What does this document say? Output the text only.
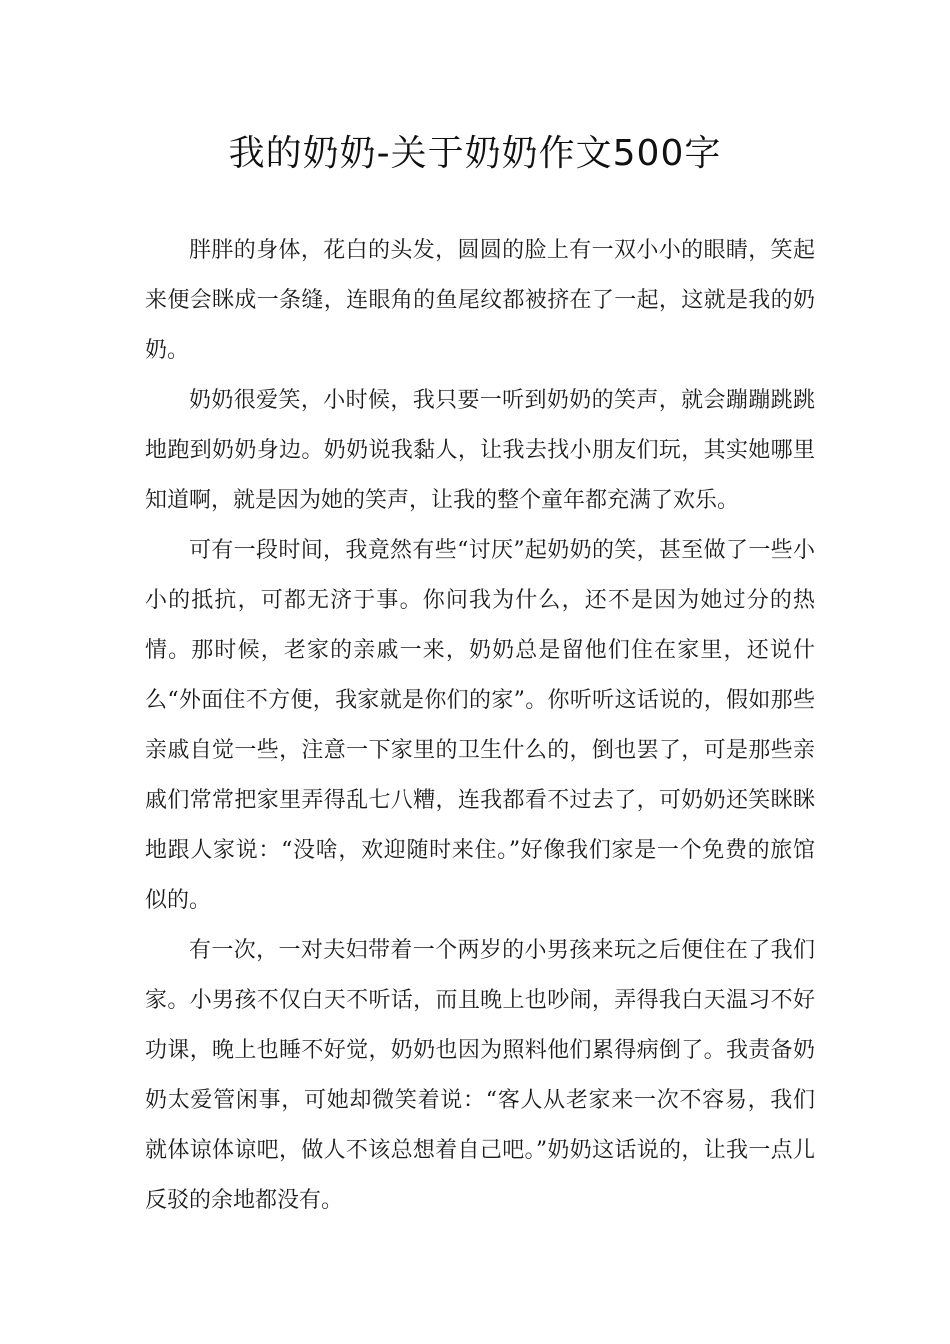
我的奶奶-关于奶奶作文500字

胖胖的身体，花白的头发，圆圆的脸上有一双小小的眼睛，笑起来便会眯成一条缝，连眼角的鱼尾纹都被挤在了一起，这就是我的奶奶。

奶奶很爱笑，小时候，我只要一听到奶奶的笑声，就会蹦蹦跳跳地跑到奶奶身边。奶奶说我黏人，让我去找小朋友们玩，其实她哪里知道啊，就是因为她的笑声，让我的整个童年都充满了欢乐。

可有一段时间，我竟然有些“讨厌”起奶奶的笑，甚至做了一些小小的抵抗，可都无济于事。你问我为什么，还不是因为她过分的热情。那时候，老家的亲戚一来，奶奶总是留他们住在家里，还说什么“外面住不方便，我家就是你们的家”。你听听这话说的，假如那些亲戚自觉一些，注意一下家里的卫生什么的，倒也罢了，可是那些亲戚们常常把家里弄得乱七八糟，连我都看不过去了，可奶奶还笑眯眯地跟人家说：“没啥，欢迎随时来住。”好像我们家是一个免费的旅馆似的。

有一次，一对夫妇带着一个两岁的小男孩来玩之后便住在了我们家。小男孩不仅白天不听话，而且晚上也吵闹，弄得我白天温习不好功课，晚上也睡不好觉，奶奶也因为照料他们累得病倒了。我责备奶奶太爱管闲事，可她却微笑着说：“客人从老家来一次不容易，我们就体谅体谅吧，做人不该总想着自己吧。”奶奶这话说的，让我一点儿反驳的余地都没有。
